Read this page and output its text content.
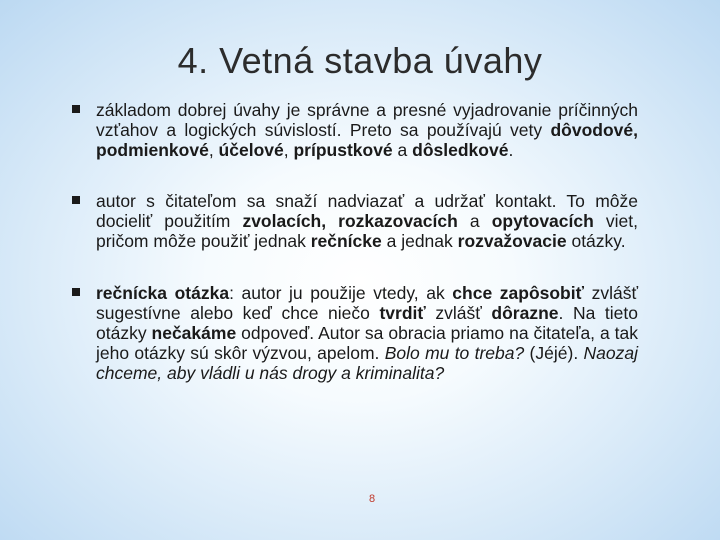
4. Vetná stavba úvahy
základom dobrej úvahy je správne a presné vyjadrovanie príčinných vzťahov a logických súvislostí. Preto sa používajú vety dôvodové, podmienkové, účelové, prípustkové a dôsledkové.
autor s čitateľom sa snaží nadviazať a udržať kontakt. To môže docieliť použitím zvolacích, rozkazovacích a opytovacích viet, pričom môže použiť jednak rečnícke a jednak rozvažovacie otázky.
rečnícka otázka: autor ju použije vtedy, ak chce zapôsobiť zvlášť sugestívne alebo keď chce niečo tvrdiť zvlášť dôrazne. Na tieto otázky nečakáme odpoveď. Autor sa obracia priamo na čitateľa, a tak jeho otázky sú skôr výzvou, apelom. Bolo mu to treba? (Jéjé). Naozaj chceme, aby vládli u nás drogy a kriminalita?
8
